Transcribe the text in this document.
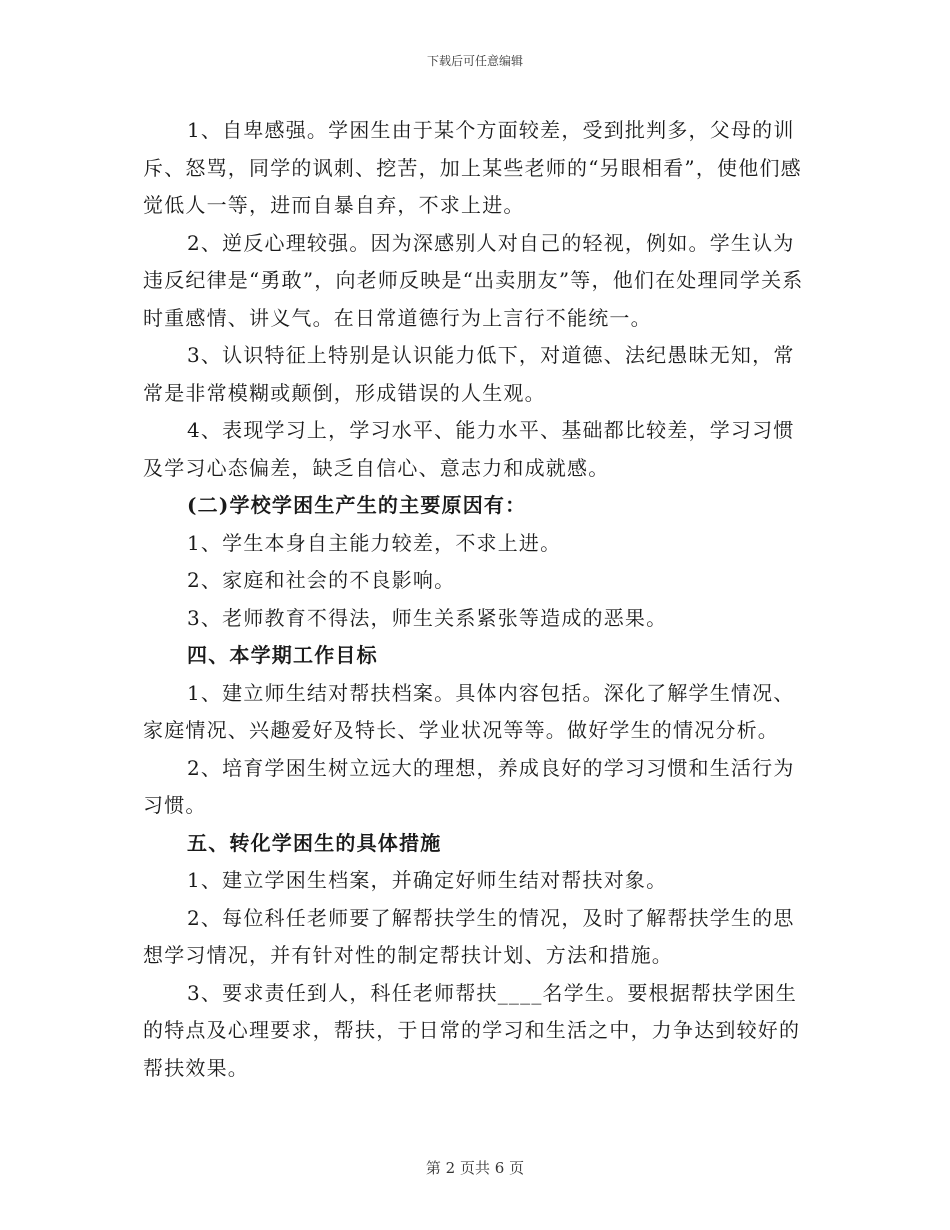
下载后可任意编辑

1、自卑感强。学困生由于某个方面较差，受到批判多，父母的训斥、怒骂，同学的讽刺、挖苦，加上某些老师的“另眼相看”，使他们感觉低人一等，进而自暴自弃，不求上进。

2、逆反心理较强。因为深感别人对自己的轻视，例如。学生认为违反纪律是“勇敢”，向老师反映是“出卖朋友”等，他们在处理同学关系时重感情、讲义气。在日常道德行为上言行不能统一。

3、认识特征上特别是认识能力低下，对道德、法纪愚昧无知，常常是非常模糊或颠倒，形成错误的人生观。

4、表现学习上，学习水平、能力水平、基础都比较差，学习习惯及学习心态偏差，缺乏自信心、意志力和成就感。

(二)学校学困生产生的主要原因有：

1、学生本身自主能力较差，不求上进。

2、家庭和社会的不良影响。

3、老师教育不得法，师生关系紧张等造成的恶果。

四、本学期工作目标

1、建立师生结对帮扶档案。具体内容包括。深化了解学生情况、家庭情况、兴趣爱好及特长、学业状况等等。做好学生的情况分析。

2、培育学困生树立远大的理想，养成良好的学习习惯和生活行为习惯。

五、转化学困生的具体措施

1、建立学困生档案，并确定好师生结对帮扶对象。

2、每位科任老师要了解帮扶学生的情况，及时了解帮扶学生的思想学习情况，并有针对性的制定帮扶计划、方法和措施。

3、要求责任到人，科任老师帮扶____名学生。要根据帮扶学困生的特点及心理要求，帮扶，于日常的学习和生活之中，力争达到较好的帮扶效果。

第 2 页共 6 页
